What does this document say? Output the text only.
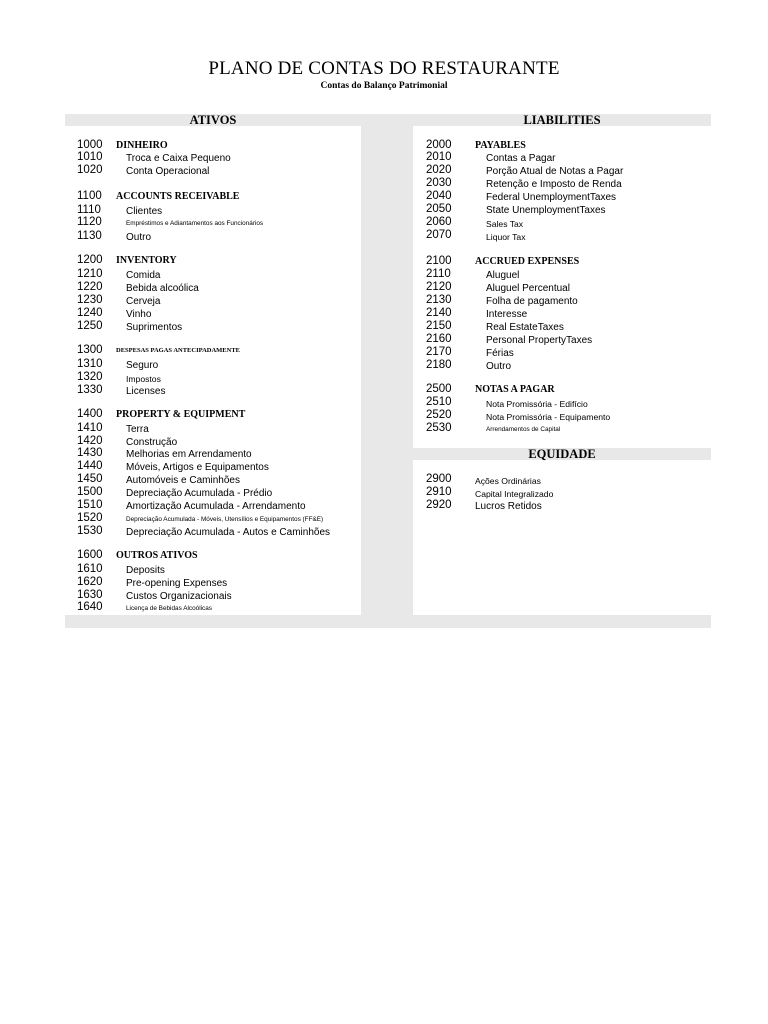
PLANO DE CONTAS DO RESTAURANTE
Contas do Balanço Patrimonial
ATIVOS	LIABILITIES
EQUIDADE
1000 DINHEIRO
1010 Troca e Caixa Pequeno
1020 Conta Operacional
1100 ACCOUNTS RECEIVABLE
1110	Clientes
1120	Empréstimos e Adiantamentos aos Funcionários
1130 Outro
1200 INVENTORY
1210 Comida
1220 Bebida alcoólica
1230 Cerveja
1240 Vinho
1250 Suprimentos
1300 DESPESAS PAGAS ANTECIPADAMENTE
1310 Seguro
1320	Impostos
1330 Licenses
1400 PROPERTY & EQUIPMENT
1410 Terra
1420 Construção
1430 Melhorias em Arrendamento
1440 Móveis, Artigos e Equipamentos
1450 Automóveis e Caminhões
1500 Depreciação Acumulada - Prédio
1510 Amortização Acumulada - Arrendamento
1520	Depreciação Acumulada - Móveis, Utensílios e Equipamentos (FF&E)
1530 Depreciação Acumulada - Autos e Caminhões
1600 OUTROS ATIVOS
1610 Deposits
1620 Pre-opening Expenses
1630 Custos Organizacionais
1640	Licença de Bebidas Alcoólicas
2000 PAYABLES
2010	Contas a Pagar
2020	Porção Atual de Notas a Pagar
2030	Retenção e Imposto de Renda
2040	Federal UnemploymentTaxes
2050	State UnemploymentTaxes
2060	Sales Tax
2070	Liquor Tax
2100 ACCRUED EXPENSES
2110	Aluguel
2120	Aluguel Percentual
2130	Folha de pagamento
2140	Interesse
2150	Real EstateTaxes
2160	Personal PropertyTaxes
2170	Férias
2180	Outro
2500 NOTAS A PAGAR
2510	Nota Promissória - Edifício
2520	Nota Promissória - Equipamento
2530	Arrendamentos de Capital
2900	Ações Ordinárias
2910	Capital Integralizado
2920 Lucros Retidos
